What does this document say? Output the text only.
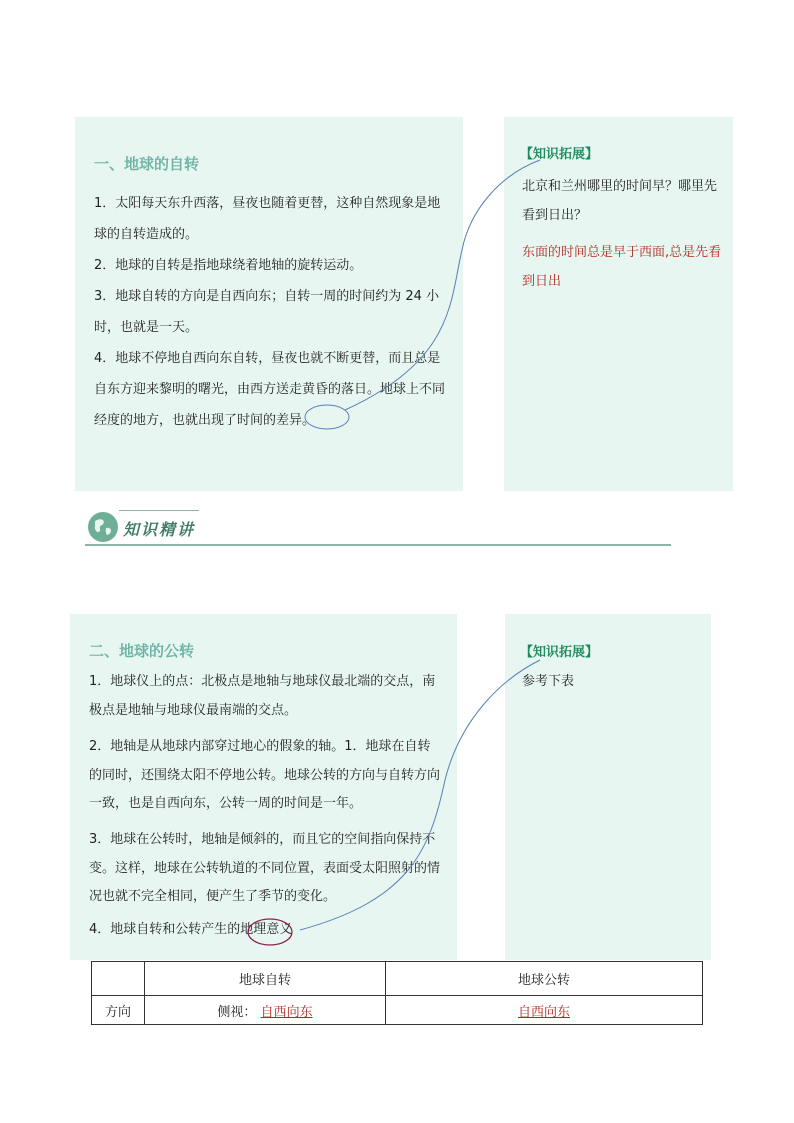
一、地球的自转
1．太阳每天东升西落，昼夜也随着更替，这种自然现象是地球的自转造成的。
2．地球的自转是指地球绕着地轴的旋转运动。
3．地球自转的方向是自西向东；自转一周的时间约为 24 小时，也就是一天。
4．地球不停地自西向东自转，昼夜也就不断更替，而且总是自东方迎来黎明的曙光，由西方送走黄昏的落日。地球上不同经度的地方，也就出现了时间的差异。
【知识拓展】
北京和兰州哪里的时间早？哪里先看到日出？
东面的时间总是早于西面,总是先看到日出
知识精讲
二、地球的公转
1．地球仪上的点：北极点是地轴与地球仪最北端的交点，南极点是地轴与地球仪最南端的交点。
2．地轴是从地球内部穿过地心的假象的轴。1．地球在自转的同时，还围绕太阳不停地公转。地球公转的方向与自转方向一致，也是自西向东，公转一周的时间是一年。
3．地球在公转时，地轴是倾斜的，而且它的空间指向保持不变。这样，地球在公转轨道的不同位置，表面受太阳照射的情况也就不完全相同，便产生了季节的变化。
4．地球自转和公转产生的地理意义
【知识拓展】
参考下表
	地球自转	地球公转
方向	侧视： 自西向东	自西向东
